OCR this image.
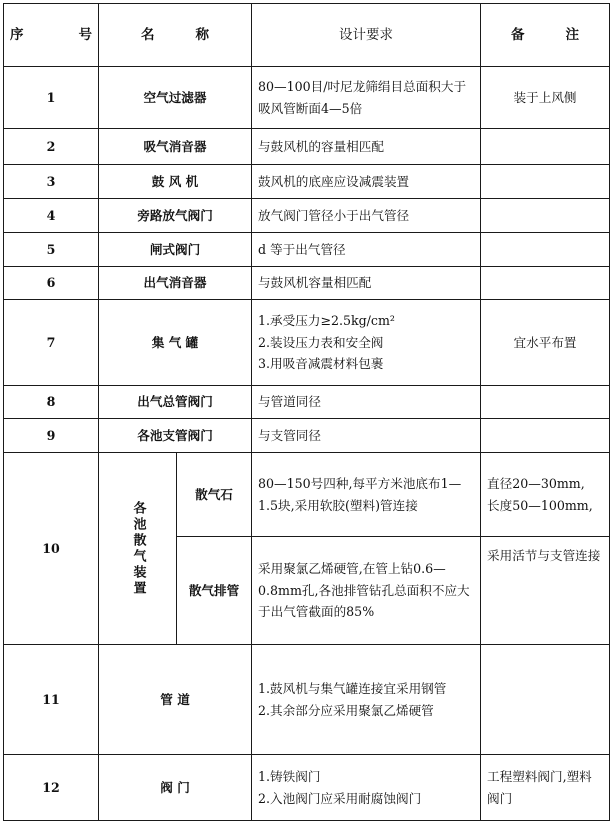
序 号	名 称		设计要求	备 注
1	空气过滤器		80—100目/吋尼龙筛绢目总面积大于吸风管断面4—5倍	装于上风侧
2	吸气消音器		与鼓风机的容量相匹配	
3	鼓 风 机		鼓风机的底座应设减震装置	
4	旁路放气阀门		放气阀门管径小于出气管径	
5	闸式阀门		d 等于出气管径	
6	出气消音器		与鼓风机容量相匹配	
7	集 气 罐		1.承受压力≥2.5kg/cm²
2.装设压力表和安全阀
3.用吸音减震材料包裹	宜水平布置
8	出气总管阀门		与管道同径	
9	各池支管阀门		与支管同径	
10	各池散气装置	散气石	80—150号四种,每平方米池底布1—1.5块,采用软胶(塑料)管连接	直径20—30mm,
长度50—100mm,

		散气排管	采用聚氯乙烯硬管,在管上钻0.6—0.8mm孔,各池排管钻孔总面积不应大于出气管截面的85%	采用活节与支管连接

11	管 道		1.鼓风机与集气罐连接宜采用钢管
2.其余部分应采用聚氯乙烯硬管	

12	阀 门		1.铸铁阀门
2.入池阀门应采用耐腐蚀阀门	工程塑料阀门,塑料阀门
